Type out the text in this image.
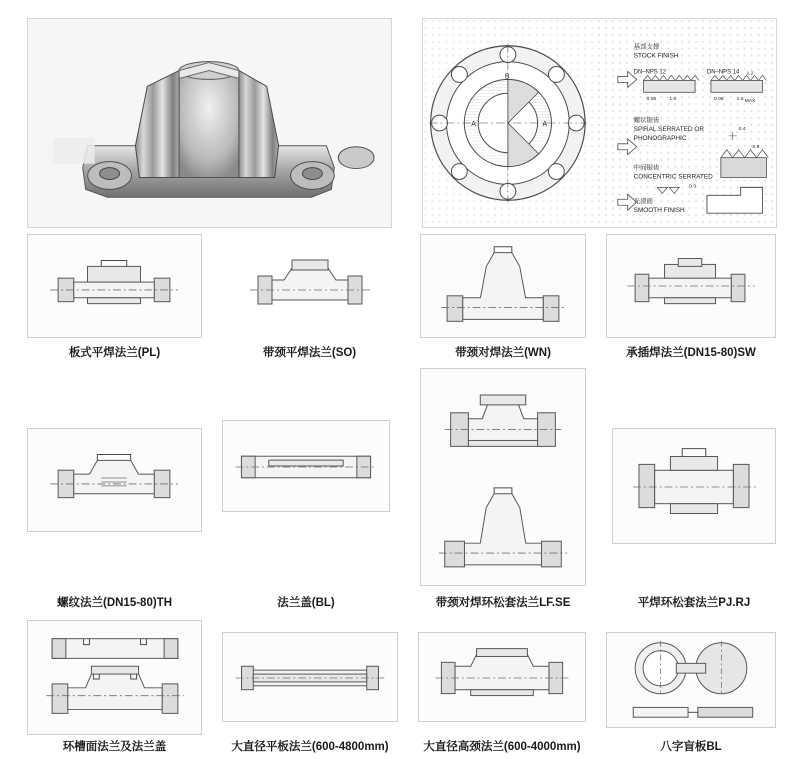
A	A
B
基部支撑
STOCK FINISH
DN–NPS 12	DN–NPS 14
0.05	1.6	0.05	1.6
1.2
MAX
螺状锯齿
SPIRAL SERRATED OR
PHONOGRAPHIC
0.4
0.8
中间锯齿
CONCENTRIC SERRATED
光滑面
SMOOTH FINISH
0.3
板式平焊法兰(PL)	带颈平焊法兰(SO)	带颈对焊法兰(WN)	承插焊法兰(DN15-80)SW
螺纹法兰(DN15-80)TH	法兰盖(BL)	带颈对焊环松套法兰LF.SE	平焊环松套法兰PJ.RJ
环槽面法兰及法兰盖	大直径平板法兰(600-4800mm)	大直径高颈法兰(600-4000mm)	八字盲板BL
